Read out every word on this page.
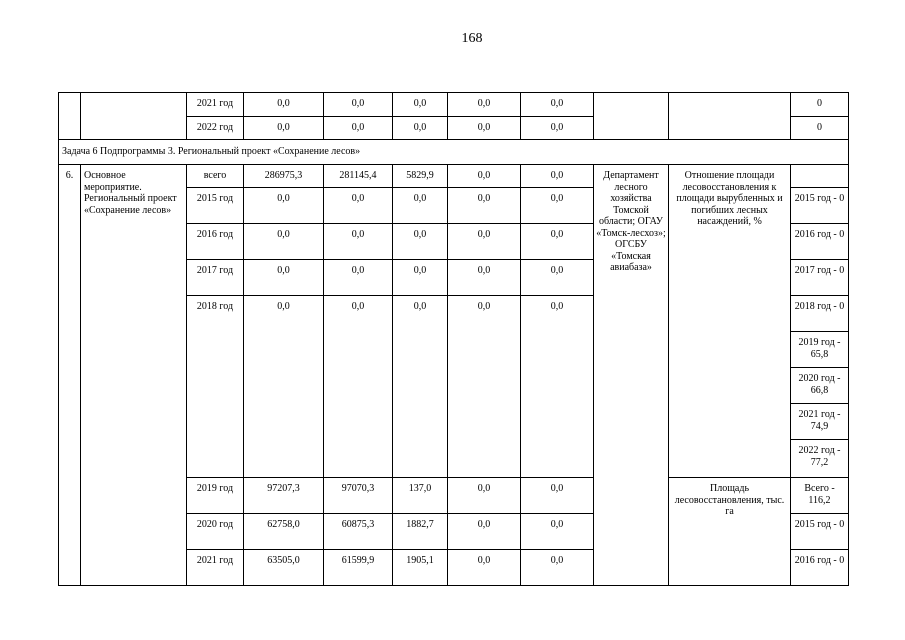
168
		2021 год	0,0	0,0	0,0	0,0	0,0			0
		2022 год	0,0	0,0	0,0	0,0	0,0			0
Задача 6 Подпрограммы 3. Региональный проект «Сохранение лесов»										
6.	Основное мероприятие. Региональный проект «Сохранение лесов»	всего	286975,3	281145,4	5829,9	0,0	0,0	Департамент лесного хозяйства Томской области; ОГАУ «Томск-лесхоз»; ОГСБУ «Томская авиабаза»	Отношение площади лесовосстановления к площади вырубленных и погибших лесных насаждений, %	
		2015 год	0,0	0,0	0,0	0,0	0,0			2015 год - 0
		2016 год	0,0	0,0	0,0	0,0	0,0			2016 год - 0
		2017 год	0,0	0,0	0,0	0,0	0,0			2017 год - 0
		2018 год	0,0	0,0	0,0	0,0	0,0			2018 год - 0
										2019 год - 65,8
										2020 год - 66,8
										2021 год - 74,9
										2022 год - 77,2
		2019 год	97207,3	97070,3	137,0	0,0	0,0		Площадь лесовосстановления, тыс. га	Всего - 116,2
		2020 год	62758,0	60875,3	1882,7	0,0	0,0			2015 год - 0
		2021 год	63505,0	61599,9	1905,1	0,0	0,0			2016 год - 0
